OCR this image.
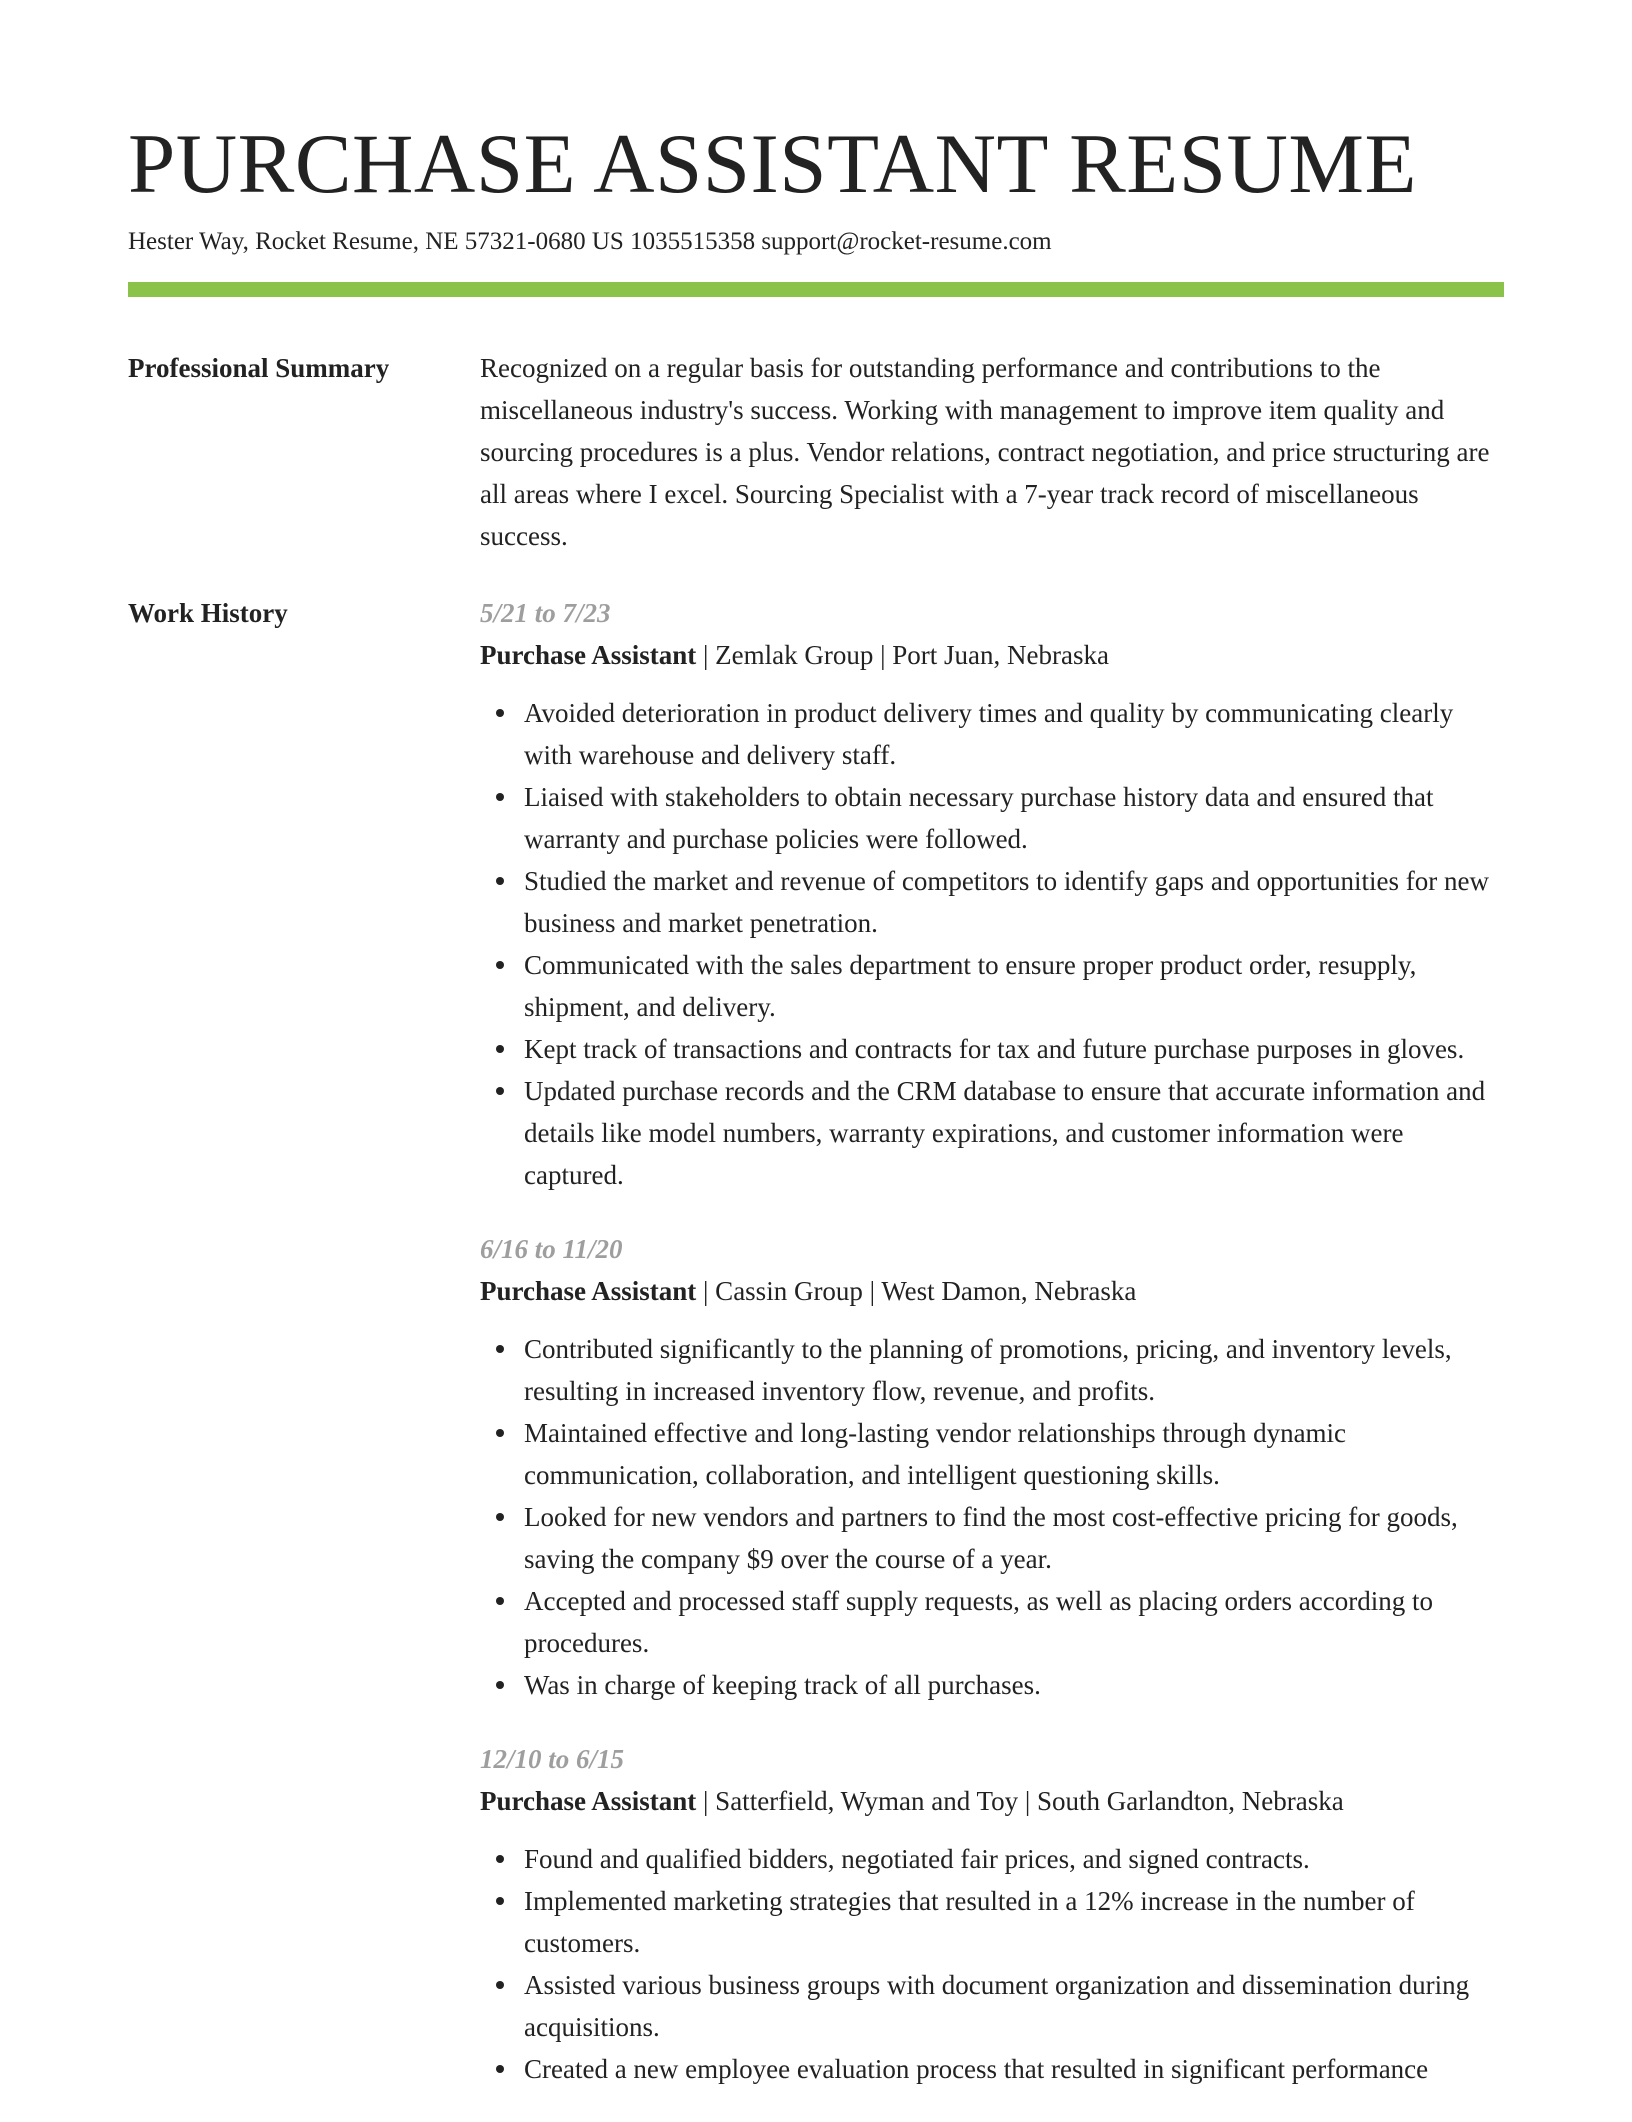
PURCHASE ASSISTANT RESUME
Hester Way, Rocket Resume, NE 57321-0680 US 1035515358 support@rocket-resume.com
Professional Summary	Recognized on a regular basis for outstanding performance and contributions to the miscellaneous industry's success. Working with management to improve item quality and sourcing procedures is a plus. Vendor relations, contract negotiation, and price structuring are all areas where I excel. Sourcing Specialist with a 7-year track record of miscellaneous success.

Work History	5/21 to 7/23
Purchase Assistant | Zemlak Group | Port Juan, Nebraska
Avoided deterioration in product delivery times and quality by communicating clearly with warehouse and delivery staff.
Liaised with stakeholders to obtain necessary purchase history data and ensured that warranty and purchase policies were followed.
Studied the market and revenue of competitors to identify gaps and opportunities for new business and market penetration.
Communicated with the sales department to ensure proper product order, resupply, shipment, and delivery.
Kept track of transactions and contracts for tax and future purchase purposes in gloves.
Updated purchase records and the CRM database to ensure that accurate information and details like model numbers, warranty expirations, and customer information were captured.
6/16 to 11/20
Purchase Assistant | Cassin Group | West Damon, Nebraska
Contributed significantly to the planning of promotions, pricing, and inventory levels, resulting in increased inventory flow, revenue, and profits.
Maintained effective and long-lasting vendor relationships through dynamic communication, collaboration, and intelligent questioning skills.
Looked for new vendors and partners to find the most cost-effective pricing for goods, saving the company $9 over the course of a year.
Accepted and processed staff supply requests, as well as placing orders according to procedures.
Was in charge of keeping track of all purchases.
12/10 to 6/15
Purchase Assistant | Satterfield, Wyman and Toy | South Garlandton, Nebraska
Found and qualified bidders, negotiated fair prices, and signed contracts.
Implemented marketing strategies that resulted in a 12% increase in the number of customers.
Assisted various business groups with document organization and dissemination during acquisitions.
Created a new employee evaluation process that resulted in significant performance
